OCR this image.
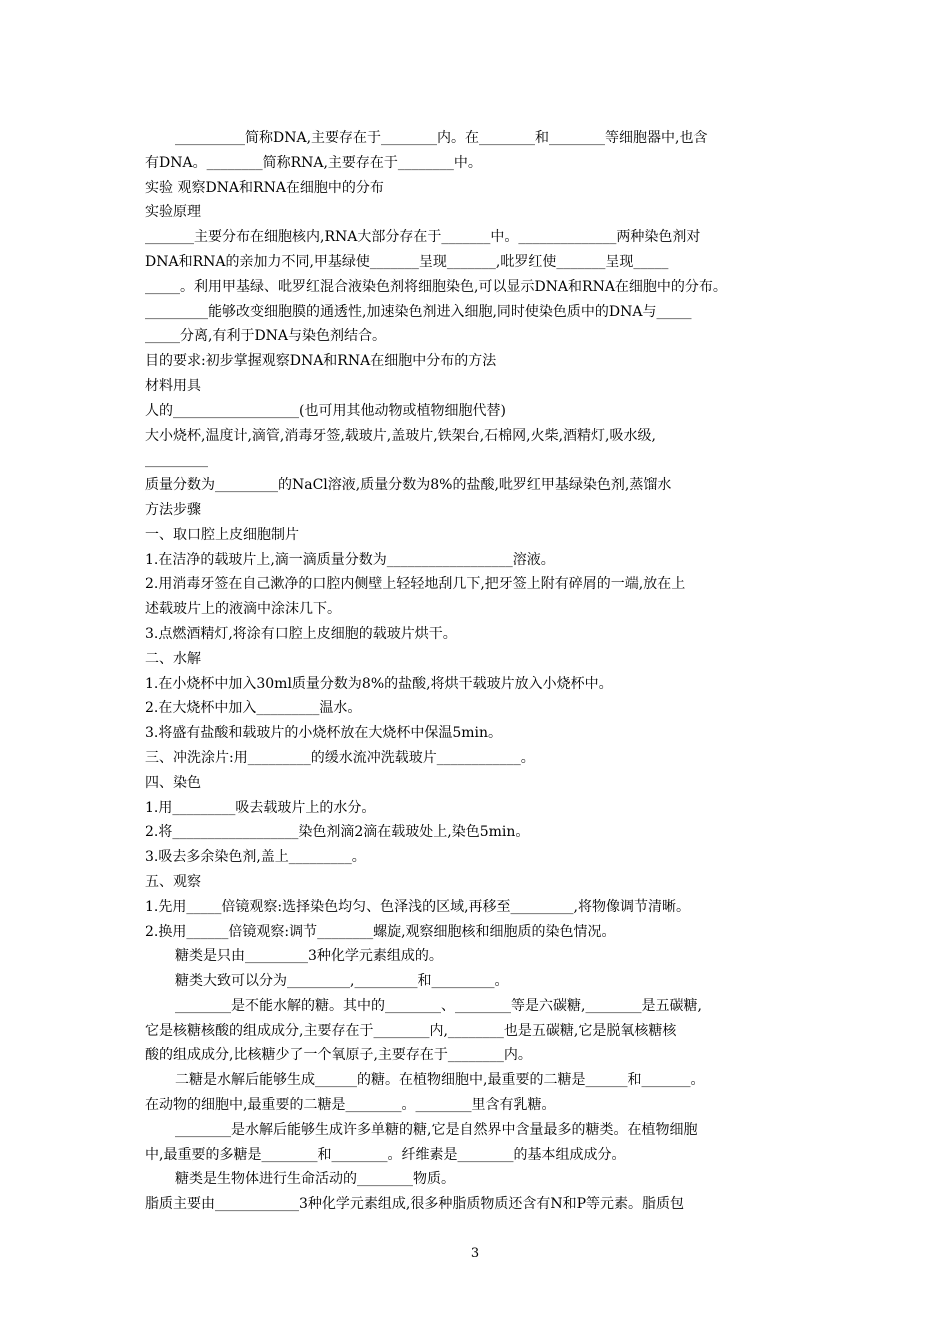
__________简称DNA,主要存在于________内。在________和________等细胞器中,也含
有DNA。________简称RNA,主要存在于________中。
实验 观察DNA和RNA在细胞中的分布
实验原理
_______主要分布在细胞核内,RNA大部分存在于_______中。______________两种染色剂对
DNA和RNA的亲加力不同,甲基绿使_______呈现_______,吡罗红使_______呈现_____
_____。利用甲基绿、吡罗红混合液染色剂将细胞染色,可以显示DNA和RNA在细胞中的分布。
_________能够改变细胞膜的通透性,加速染色剂进入细胞,同时使染色质中的DNA与_____
_____分离,有利于DNA与染色剂结合。
目的要求:初步掌握观察DNA和RNA在细胞中分布的方法
材料用具
人的__________________(也可用其他动物或植物细胞代替)
大小烧杯,温度计,滴管,消毒牙签,载玻片,盖玻片,铁架台,石棉网,火柴,酒精灯,吸水级,
_________
质量分数为_________的NaCl溶液,质量分数为8%的盐酸,吡罗红甲基绿染色剂,蒸馏水
方法步骤
一、取口腔上皮细胞制片
1.在洁净的载玻片上,滴一滴质量分数为__________________溶液。
2.用消毒牙签在自己漱净的口腔内侧壁上轻轻地刮几下,把牙签上附有碎屑的一端,放在上
述载玻片上的液滴中涂沫几下。
3.点燃酒精灯,将涂有口腔上皮细胞的载玻片烘干。
二、水解
1.在小烧杯中加入30ml质量分数为8%的盐酸,将烘干载玻片放入小烧杯中。
2.在大烧杯中加入_________温水。
3.将盛有盐酸和载玻片的小烧杯放在大烧杯中保温5min。
三、冲洗涂片:用_________的缓水流冲洗载玻片____________。
四、染色
1.用_________吸去载玻片上的水分。
2.将__________________染色剂滴2滴在载玻处上,染色5min。
3.吸去多余染色剂,盖上_________。
五、观察
1.先用_____倍镜观察:选择染色均匀、色泽浅的区域,再移至_________,将物像调节清晰。
2.换用______倍镜观察:调节________螺旋,观察细胞核和细胞质的染色情况。
糖类是只由_________3种化学元素组成的。
糖类大致可以分为_________,_________和_________。
________是不能水解的糖。其中的________、________等是六碳糖,________是五碳糖,
它是核糖核酸的组成成分,主要存在于________内,________也是五碳糖,它是脱氧核糖核
酸的组成成分,比核糖少了一个氧原子,主要存在于________内。
二糖是水解后能够生成______的糖。在植物细胞中,最重要的二糖是______和_______。
在动物的细胞中,最重要的二糖是________。________里含有乳糖。
________是水解后能够生成许多单糖的糖,它是自然界中含量最多的糖类。在植物细胞
中,最重要的多糖是________和________。纤维素是________的基本组成成分。
糖类是生物体进行生命活动的________物质。
脂质主要由____________3种化学元素组成,很多种脂质物质还含有N和P等元素。脂质包
3
